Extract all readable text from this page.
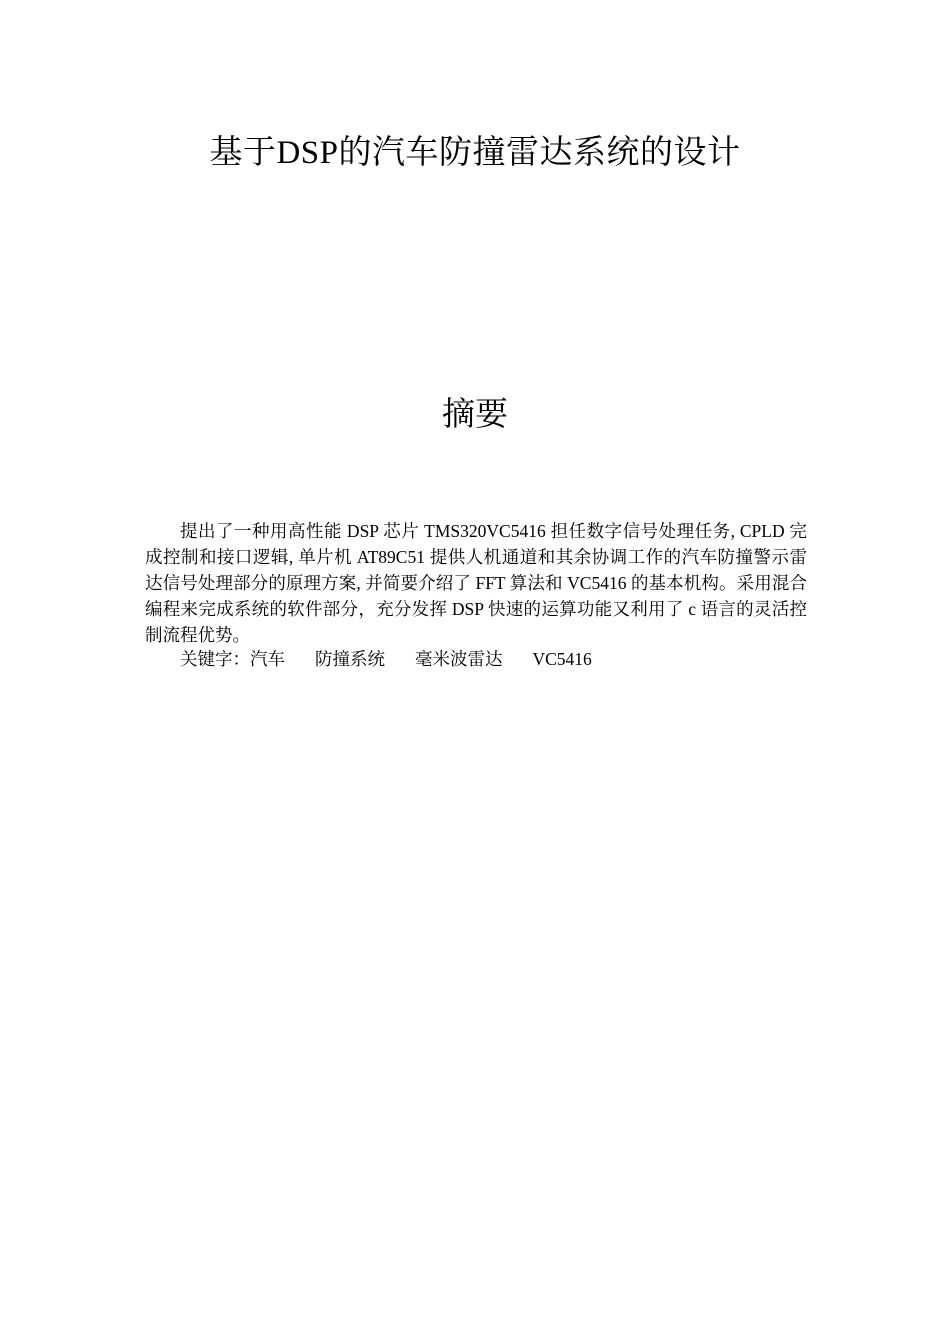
基于DSP的汽车防撞雷达系统的设计
摘要

提出了一种用高性能 DSP 芯片 TMS320VC5416 担任数字信号处理任务, CPLD 完成控制和接口逻辑, 单片机 AT89C51 提供人机通道和其余协调工作的汽车防撞警示雷达信号处理部分的原理方案, 并简要介绍了 FFT 算法和 VC5416 的基本机构。采用混合编程来完成系统的软件部分，充分发挥 DSP 快速的运算功能又利用了 c 语言的灵活控制流程优势。

关键字：汽车 防撞系统 毫米波雷达 VC5416
